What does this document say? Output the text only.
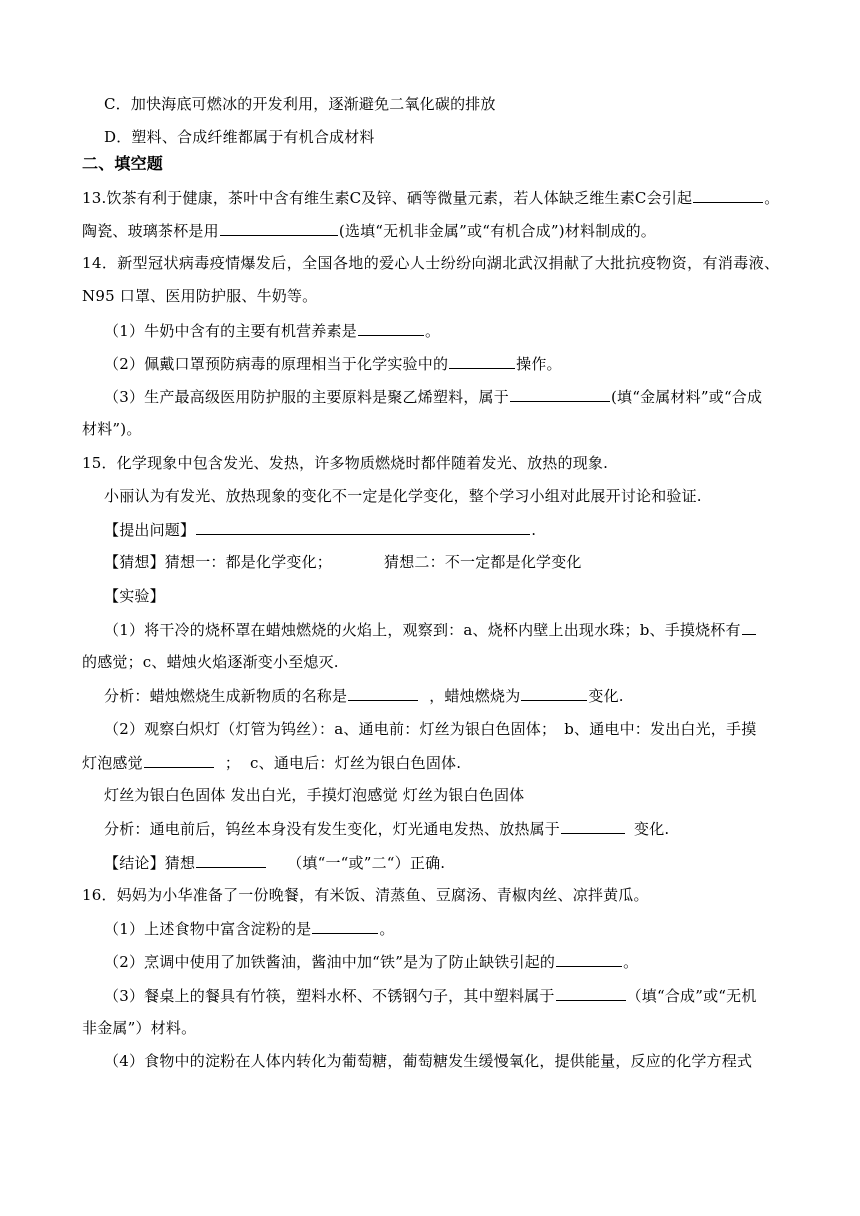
C．加快海底可燃冰的开发利用，逐渐避免二氧化碳的排放
D．塑料、合成纤维都属于有机合成材料
二、填空题
13.饮茶有利于健康，茶叶中含有维生素C及锌、硒等微量元素，若人体缺乏维生素C会引起	。
陶瓷、玻璃茶杯是用	(选填“无机非金属”或“有机合成”)材料制成的。
14．新型冠状病毒疫情爆发后，全国各地的爱心人士纷纷向湖北武汉捐献了大批抗疫物资，有消毒液、
N95 口罩、医用防护服、牛奶等。
（1）牛奶中含有的主要有机营养素是	。
（2）佩戴口罩预防病毒的原理相当于化学实验中的	操作。
（3）生产最高级医用防护服的主要原料是聚乙烯塑料，属于	(填“金属材料”或“合成
材料”)。
15．化学现象中包含发光、发热，许多物质燃烧时都伴随着发光、放热的现象.
小丽认为有发光、放热现象的变化不一定是化学变化，整个学习小组对此展开讨论和验证.
【提出问题】	.
【猜想】猜想一：都是化学变化；	猜想二：不一定都是化学变化
【实验】
（1）将干冷的烧杯罩在蜡烛燃烧的火焰上，观察到：a、烧杯内壁上出现水珠；b、手摸烧杯有
的感觉；c、蜡烛火焰逐渐变小至熄灭.
分析：蜡烛燃烧生成新物质的名称是	，蜡烛燃烧为	变化.
（2）观察白炽灯（灯管为钨丝）：a、通电前：灯丝为银白色固体； b、通电中：发出白光，手摸
灯泡感觉	； c、通电后：灯丝为银白色固体.
灯丝为银白色固体 发出白光，手摸灯泡感觉 灯丝为银白色固体
分析：通电前后，钨丝本身没有发生变化，灯光通电发热、放热属于	变化.
【结论】猜想	（填“一“或”二“）正确.
16．妈妈为小华准备了一份晚餐，有米饭、清蒸鱼、豆腐汤、青椒肉丝、凉拌黄瓜。
（1）上述食物中富含淀粉的是	。
（2）烹调中使用了加铁酱油，酱油中加“铁”是为了防止缺铁引起的	。
（3）餐桌上的餐具有竹筷，塑料水杯、不锈钢勺子，其中塑料属于	（填“合成”或“无机
非金属”）材料。
（4）食物中的淀粉在人体内转化为葡萄糖，葡萄糖发生缓慢氧化，提供能量，反应的化学方程式
